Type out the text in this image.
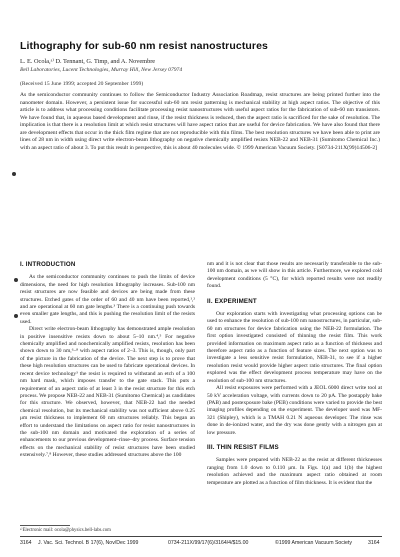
Lithography for sub-60 nm resist nanostructures
L. E. Ocola,ᵃ⁾ D. Tennant, G. Timp, and A. Novembre
Bell Laboratories, Lucent Technologies, Murray Hill, New Jersey 07974
(Received 15 June 1999; accepted 20 September 1999)
As the semiconductor community continues to follow the Semiconductor Industry Association Roadmap, resist structures are being printed further into the nanometer domain. However, a persistent issue for successful sub-60 nm resist patterning is mechanical stability at high aspect ratios. The objective of this article is to address what processing conditions facilitate processing resist nanostructures with useful aspect ratios for the fabrication of sub-60 nm transistors. We have found that, in aqueous based development and rinse, if the resist thickness is reduced, then the aspect ratio is sacrificed for the sake of resolution. The implication is that there is a resolution limit at which resist structures will have aspect ratios that are useful for device fabrication. We have also found that there are development effects that occur in the thick film regime that are not reproducible with thin films. The best resolution structures we have been able to print are lines of 28 nm in width using direct write electron-beam lithography on negative chemically amplified resists NEB-22 and NEB-31 (Sumitomo Chemical Inc.) with an aspect ratio of about 3. To put this result in perspective, this is about 40 molecules wide. © 1999 American Vacuum Society. [S0734-211X(99)14506-2]
I. INTRODUCTION

As the semiconductor community continues to push the limits of device dimensions, the need for high resolution lithography increases. Sub-100 nm resist structures are now feasible and devices are being made from these structures. Etched gates of the order of 60 and 40 nm have been reported,¹,² and are operational at 60 nm gate lengths.³ There is a continuing push towards even smaller gate lengths, and this is pushing the resolution limit of the resists used.

Direct write electron-beam lithography has demonstrated ample resolution in positive insensitive resists down to about 5–10 nm.⁴,⁵ For negative chemically amplified and nonchemically amplified resists, resolution has been shown down to 30 nm,⁶–⁸ with aspect ratios of 2–3. This is, though, only part of the picture in the fabrication of the device. The next step is to prove that these high resolution structures can be used to fabricate operational devices. In recent device technology³ the resist is required to withstand an etch of a 100 nm hard mask, which imposes transfer to the gate stack. This puts a requirement of an aspect ratio of at least 3 in the resist structure for this etch process. We propose NEB-22 and NEB-31 (Sumitomo Chemical) as candidates for this structure. We observed, however, that NEB-22 had the needed chemical resolution, but its mechanical stability was not sufficient above 0.25 μm resist thickness to implement 60 nm structures reliably. This began an effort to understand the limitations on aspect ratio for resist nanostructures in the sub-100 nm domain and motivated the exploration of a series of enhancements to our previous development–rinse–dry process. Surface tension effects on the mechanical stability of resist structures have been studied extensively.⁷,⁸ However, these studies addressed structures above the 100

nm and it is not clear that those results are necessarily transferable to the sub-100 nm domain, as we will show in this article. Furthermore, we explored cold development conditions (5 °C), for which reported results were not readily found.

II. EXPERIMENT

Our exploration starts with investigating what processing options can be used to enhance the resolution of sub-100 nm nanostructures, in particular, sub-60 nm structures for device fabrication using the NEB-22 formulation. The first option investigated consisted of thinning the resist film. This work provided information on maximum aspect ratio as a function of thickness and therefore aspect ratio as a function of feature sizes. The next option was to investigate a less sensitive resist formulation, NEB-31, to see if a higher resolution resist would provide higher aspect ratio structures. The final option explored was the effect development process temperature may have on the resolution of sub-100 nm structures.

All resist exposures were performed with a JEOL 6000 direct write tool at 50 kV acceleration voltage, with currents down to 20 pA. The postapply bake (PAB) and postexposure bake (PEB) conditions were varied to provide the best imaging profiles depending on the experiment. The developer used was MF-321 (Shipley), which is a TMAH 0.21 N aqueous developer. The rinse was done in de-ionized water, and the dry was done gently with a nitrogen gun at low pressure.

III. THIN RESIST FILMS

Samples were prepared with NEB-22 as the resist at different thicknesses ranging from 1.0 down to 0.110 μm. In Figs. 1(a) and 1(b) the highest resolution achieved and the maximum aspect ratio obtained at room temperature are plotted as a function of film thickness. It is evident that the

ᵃ⁾Electronic mail: ocola@physics.bell-labs.com
3164 J. Vac. Sci. Technol. B 17(6), Nov/Dec 1999	0734-211X/99/17(6)/3164/4/$15.00	©1999 American Vacuum Society	3164
